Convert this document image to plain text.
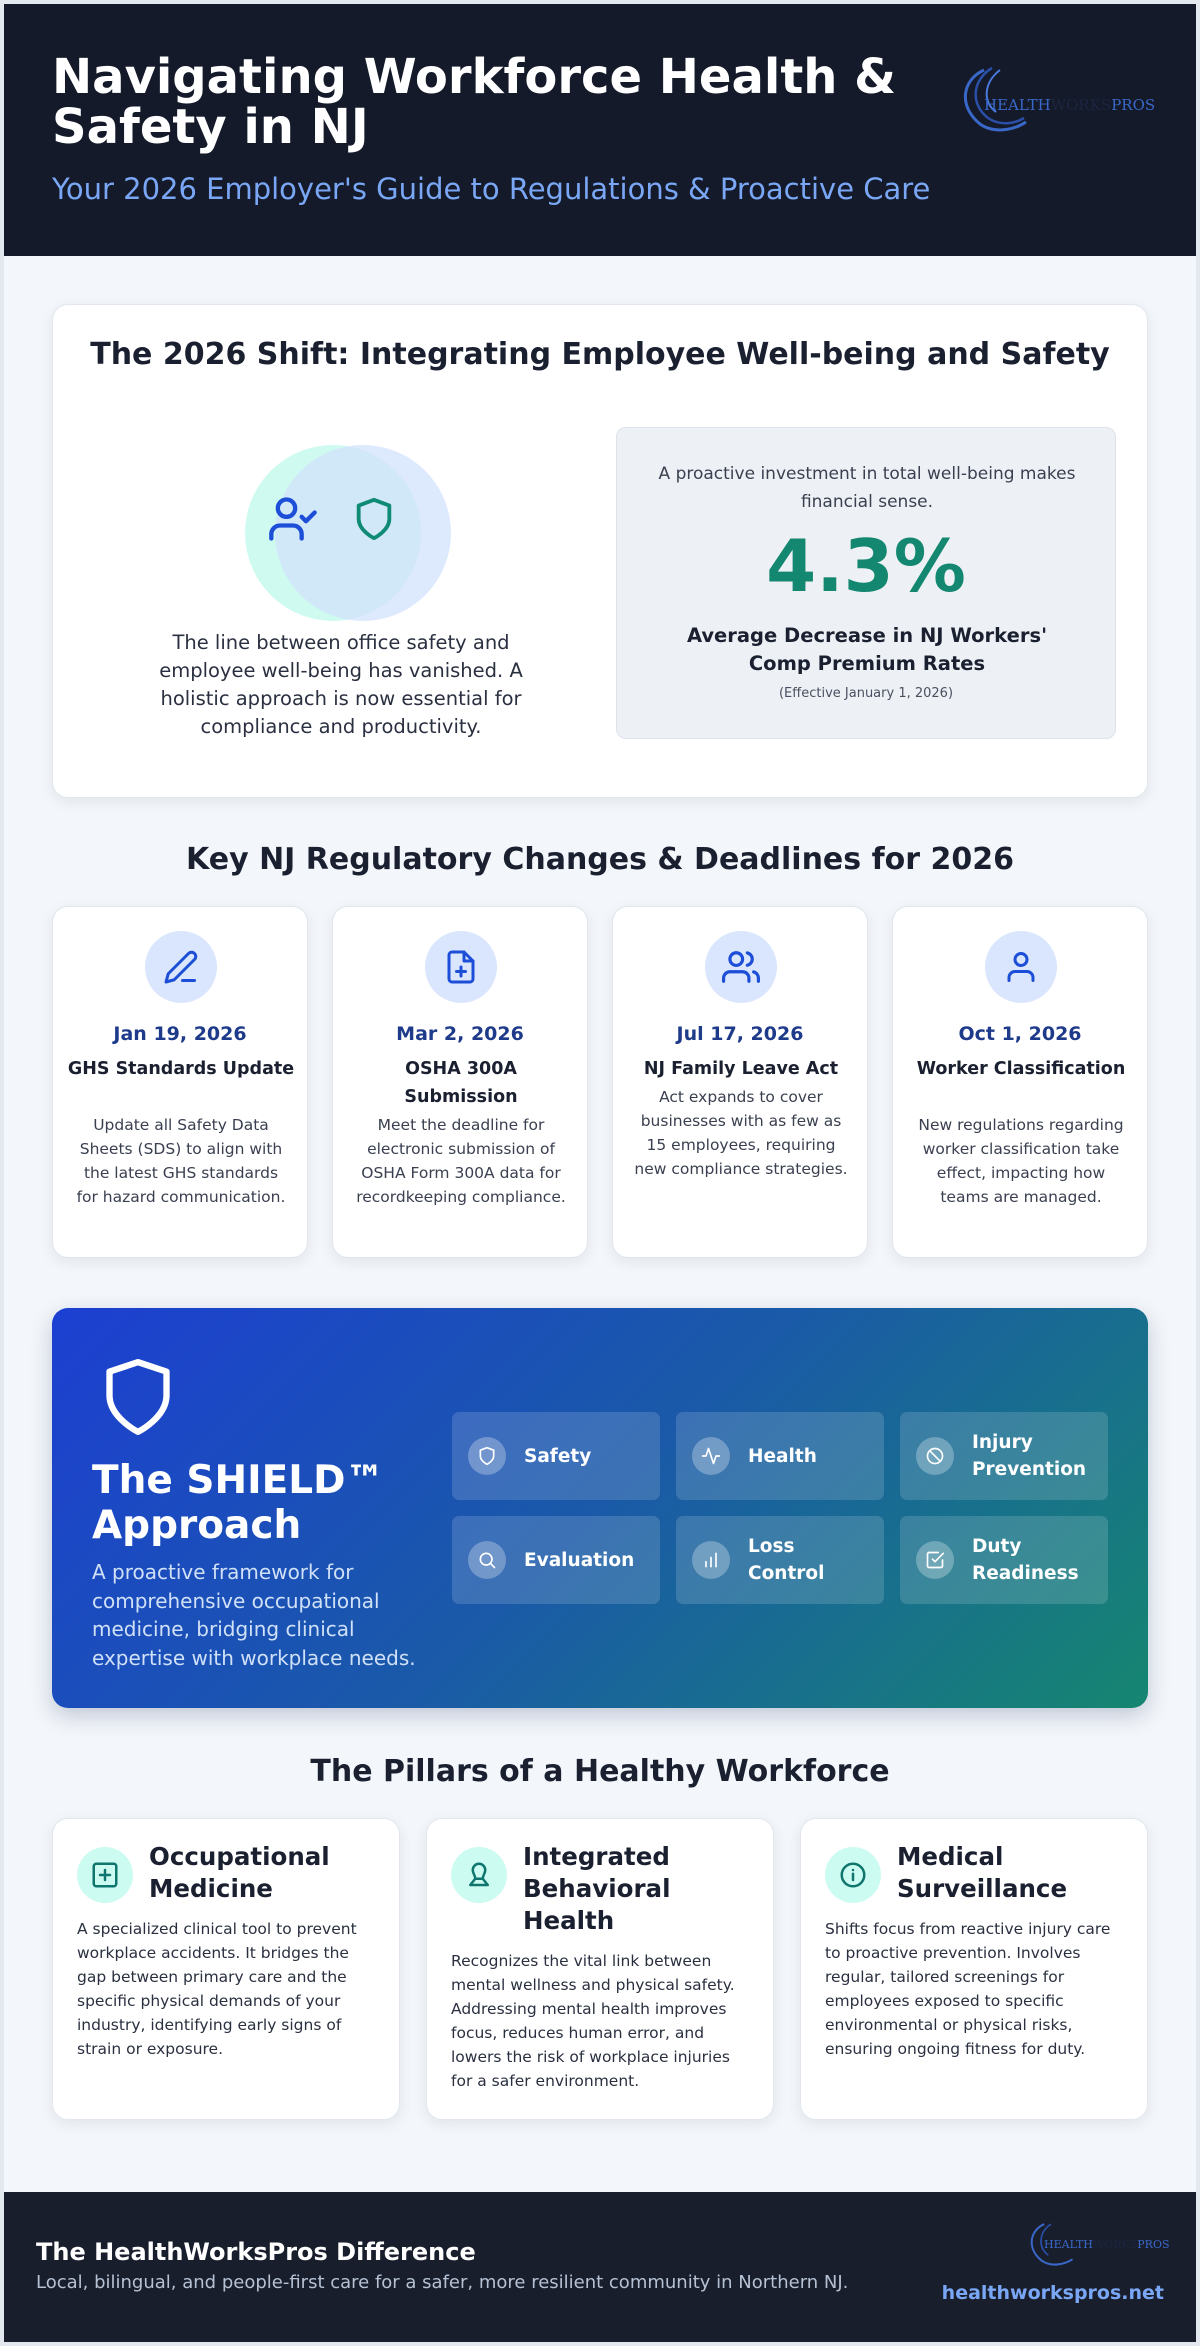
Navigating Workforce Health & Safety in NJ
Your 2026 Employer's Guide to Regulations & Proactive Care
HEALTHWORKSPROS
The 2026 Shift: Integrating Employee Well-being and Safety
The line between office safety and employee well-being has vanished. A holistic approach is now essential for compliance and productivity.
A proactive investment in total well-being makes financial sense.
4.3%
Average Decrease in NJ Workers' Comp Premium Rates
(Effective January 1, 2026)
Key NJ Regulatory Changes & Deadlines for 2026
Jan 19, 2026
GHS Standards Update
Update all Safety Data Sheets (SDS) to align with the latest GHS standards for hazard communication.
Mar 2, 2026
OSHA 300A Submission
Meet the deadline for electronic submission of OSHA Form 300A data for recordkeeping compliance.
Jul 17, 2026
NJ Family Leave Act
Act expands to cover businesses with as few as 15 employees, requiring new compliance strategies.
Oct 1, 2026
Worker Classification
New regulations regarding worker classification take effect, impacting how teams are managed.
The SHIELD™ Approach
A proactive framework for comprehensive occupational medicine, bridging clinical expertise with workplace needs.
Safety	Health
Injury Prevention
Evaluation
Loss Control
Duty Readiness
The Pillars of a Healthy Workforce
Occupational Medicine
A specialized clinical tool to prevent workplace accidents. It bridges the gap between primary care and the specific physical demands of your industry, identifying early signs of strain or exposure.
Integrated Behavioral Health
Recognizes the vital link between mental wellness and physical safety. Addressing mental health improves focus, reduces human error, and lowers the risk of workplace injuries for a safer environment.
Medical Surveillance
Shifts focus from reactive injury care to proactive prevention. Involves regular, tailored screenings for employees exposed to specific environmental or physical risks, ensuring ongoing fitness for duty.
The HealthWorksPros Difference
Local, bilingual, and people-first care for a safer, more resilient community in Northern NJ.
HEALTHWORKSPROS
healthworkspros.net
